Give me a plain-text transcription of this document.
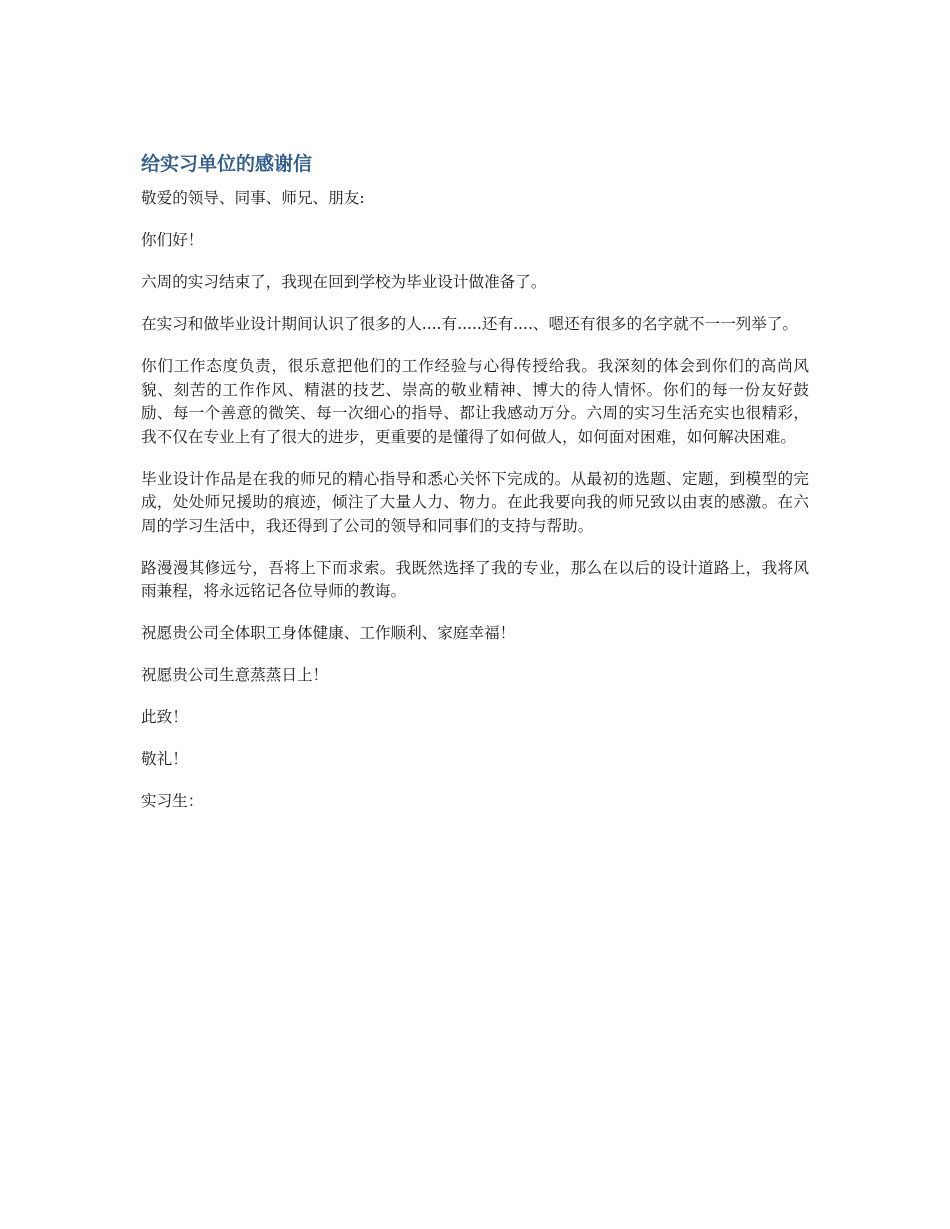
给实习单位的感谢信

敬爱的领导、同事、师兄、朋友:

你们好！

六周的实习结束了，我现在回到学校为毕业设计做准备了。

在实习和做毕业设计期间认识了很多的人....有.....还有....、嗯还有很多的名字就不一一列举了。

你们工作态度负责，很乐意把他们的工作经验与心得传授给我。我深刻的体会到你们的高尚风貌、刻苦的工作作风、精湛的技艺、崇高的敬业精神、博大的待人情怀。你们的每一份友好鼓励、每一个善意的微笑、每一次细心的指导、都让我感动万分。六周的实习生活充实也很精彩，我不仅在专业上有了很大的进步，更重要的是懂得了如何做人，如何面对困难，如何解决困难。

毕业设计作品是在我的师兄的精心指导和悉心关怀下完成的。从最初的选题、定题，到模型的完成，处处师兄援助的痕迹，倾注了大量人力、物力。在此我要向我的师兄致以由衷的感激。在六周的学习生活中，我还得到了公司的领导和同事们的支持与帮助。

路漫漫其修远兮，吾将上下而求索。我既然选择了我的专业，那么在以后的设计道路上，我将风雨兼程，将永远铭记各位导师的教诲。

祝愿贵公司全体职工身体健康、工作顺利、家庭幸福！

祝愿贵公司生意蒸蒸日上！

此致！

敬礼！

实习生：
